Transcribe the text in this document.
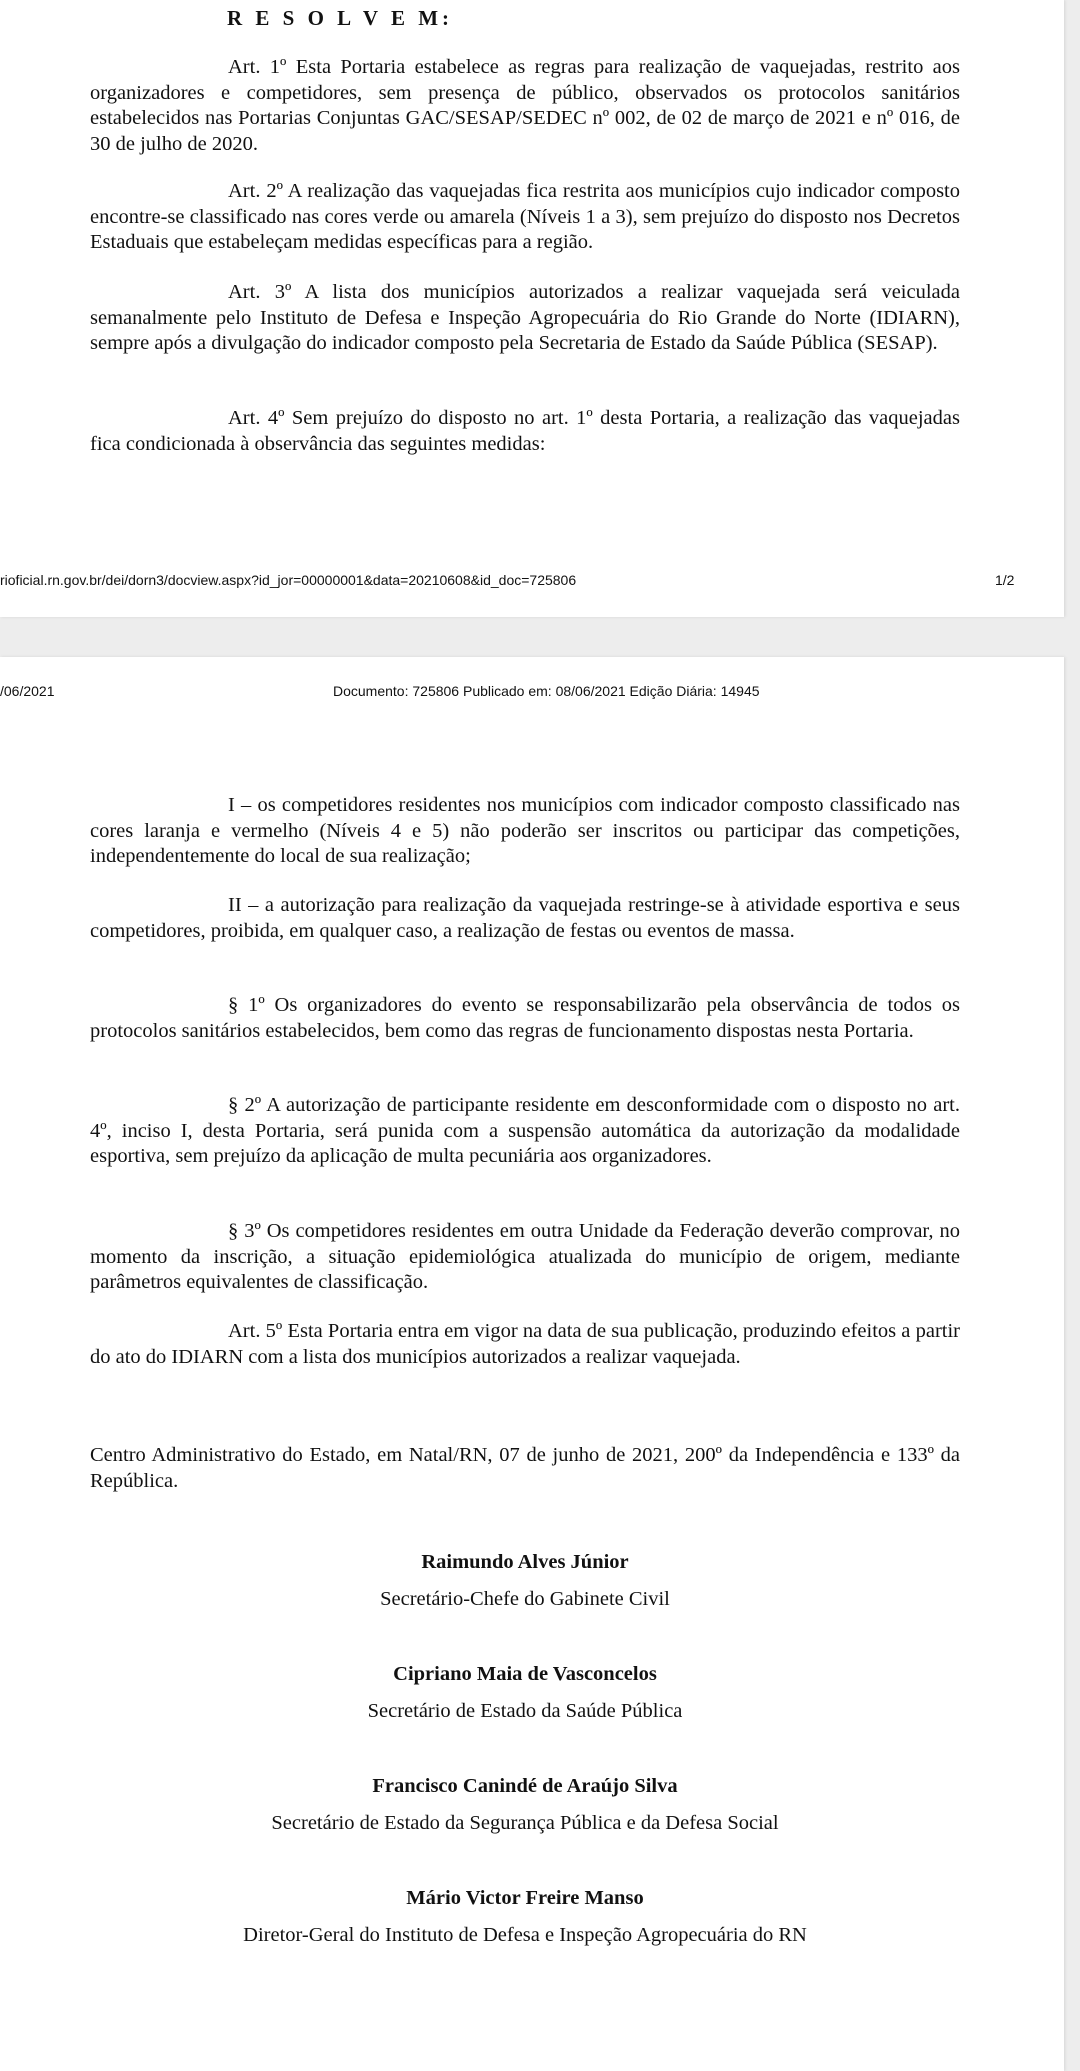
R E S O L V E M:

Art. 1º Esta Portaria estabelece as regras para realização de vaquejadas, restrito aos organizadores e competidores, sem presença de público, observados os protocolos sanitários estabelecidos nas Portarias Conjuntas GAC/SESAP/SEDEC nº 002, de 02 de março de 2021 e nº 016, de 30 de julho de 2020.

Art. 2º A realização das vaquejadas fica restrita aos municípios cujo indicador composto encontre-se classificado nas cores verde ou amarela (Níveis 1 a 3), sem prejuízo do disposto nos Decretos Estaduais que estabeleçam medidas específicas para a região.

Art. 3º A lista dos municípios autorizados a realizar vaquejada será veiculada semanalmente pelo Instituto de Defesa e Inspeção Agropecuária do Rio Grande do Norte (IDIARN), sempre após a divulgação do indicador composto pela Secretaria de Estado da Saúde Pública (SESAP).

Art. 4º Sem prejuízo do disposto no art. 1º desta Portaria, a realização das vaquejadas fica condicionada à observância das seguintes medidas:

rioficial.rn.gov.br/dei/dorn3/docview.aspx?id_jor=00000001&data=20210608&id_doc=725806	1/2
/06/2021	Documento: 725806 Publicado em: 08/06/2021 Edição Diária: 14945

I – os competidores residentes nos municípios com indicador composto classificado nas cores laranja e vermelho (Níveis 4 e 5) não poderão ser inscritos ou participar das competições, independentemente do local de sua realização;

II – a autorização para realização da vaquejada restringe-se à atividade esportiva e seus competidores, proibida, em qualquer caso, a realização de festas ou eventos de massa.

§ 1º Os organizadores do evento se responsabilizarão pela observância de todos os protocolos sanitários estabelecidos, bem como das regras de funcionamento dispostas nesta Portaria.

§ 2º A autorização de participante residente em desconformidade com o disposto no art. 4º, inciso I, desta Portaria, será punida com a suspensão automática da autorização da modalidade esportiva, sem prejuízo da aplicação de multa pecuniária aos organizadores.

§ 3º Os competidores residentes em outra Unidade da Federação deverão comprovar, no momento da inscrição, a situação epidemiológica atualizada do município de origem, mediante parâmetros equivalentes de classificação.

Art. 5º Esta Portaria entra em vigor na data de sua publicação, produzindo efeitos a partir do ato do IDIARN com a lista dos municípios autorizados a realizar vaquejada.

Centro Administrativo do Estado, em Natal/RN, 07 de junho de 2021, 200º da Independência e 133º da República.

Raimundo Alves Júnior
Secretário-Chefe do Gabinete Civil
Cipriano Maia de Vasconcelos
Secretário de Estado da Saúde Pública
Francisco Canindé de Araújo Silva
Secretário de Estado da Segurança Pública e da Defesa Social
Mário Victor Freire Manso
Diretor-Geral do Instituto de Defesa e Inspeção Agropecuária do RN
